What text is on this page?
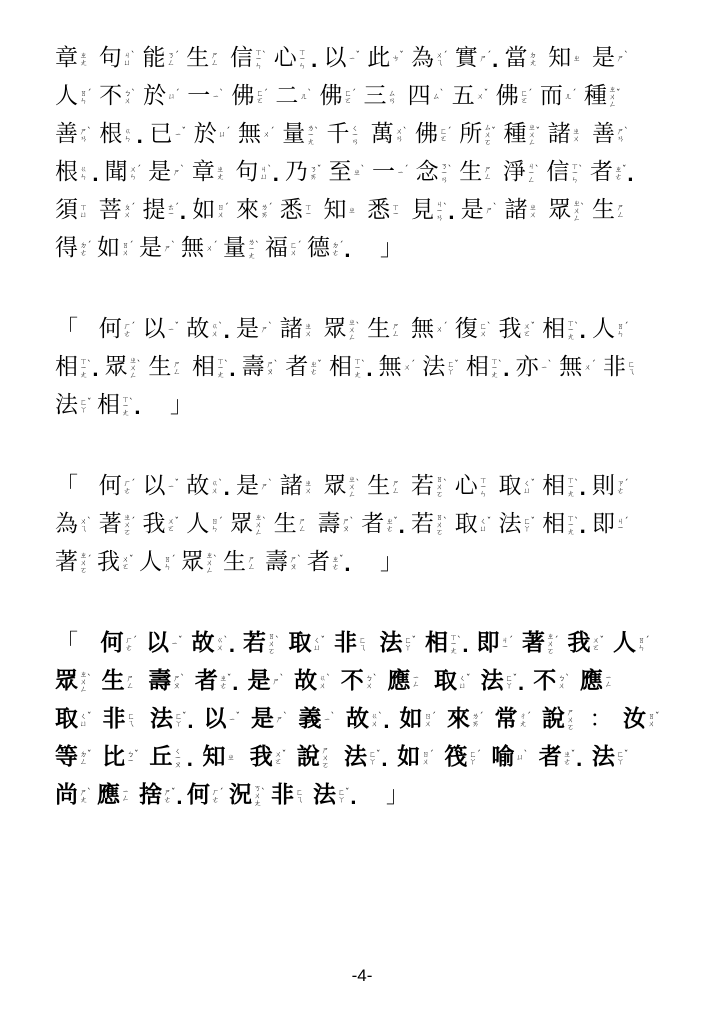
章 ㄓㄤ 句 ㄐㄩ ˋ 能 ㄋㄥ ˊ 生 ㄕㄥ 信 ㄒㄧㄣ ˋ 心 ㄒㄧㄣ . 以 ㄧ ˇ 此 ㄘ ˇ 為 ㄨㄟ ˊ 實 ㄕ ˊ . 當 ㄉㄤ 知 ㄓ 是 ㄕ ˋ
人 ㄖㄣ ˊ 不 ㄅㄨ ˋ 於 ㄩ ˊ 一 ㄧ ˋ 佛 ㄈㄛ ˊ 二 ㄦ ˋ 佛 ㄈㄛ ˊ 三 ㄙㄢ 四 ㄙ ˋ 五 ㄨ ˇ 佛 ㄈㄛ ˊ 而 ㄦ ˊ 種 ㄓㄨㄥ ˇ
善 ㄕㄢ ˋ 根 ㄍㄣ . 已 ㄧ ˇ 於 ㄩ ˊ 無 ㄨ ˊ 量 ㄌㄧㄤ ˋ 千 ㄑㄧㄢ 萬 ㄨㄢ ˋ 佛 ㄈㄛ ˊ 所 ㄙㄨㄛ ˇ 種 ㄓㄨㄥ ˇ 諸 ㄓㄨ 善 ㄕㄢ ˋ
根 ㄍㄣ . 聞 ㄨㄣ ˊ 是 ㄕ ˋ 章 ㄓㄤ 句 ㄐㄩ ˋ . 乃 ㄋㄞ ˇ 至 ㄓ ˋ 一 ㄧ ˊ 念 ㄋㄧㄢ ˋ 生 ㄕㄥ 淨 ㄐㄧㄥ ˋ 信 ㄒㄧㄣ ˋ 者 ㄓㄜ ˇ .
須 ㄒㄩ 菩 ㄆㄨ ˊ 提 ㄊㄧ ˊ . 如 ㄖㄨ ˊ 來 ㄌㄞ ˊ 悉 ㄒㄧ 知 ㄓ 悉 ㄒㄧ 見 ㄐㄧㄢ ˋ . 是 ㄕ ˋ 諸 ㄓㄨ 眾 ㄓㄨㄥ ˋ 生 ㄕㄥ
得 ㄉㄜ ˊ 如 ㄖㄨ ˊ 是 ㄕ ˋ 無 ㄨ ˊ 量 ㄌㄧㄤ ˋ 福 ㄈㄨ ˊ 德 ㄉㄜ ˊ . 」
「 何 ㄏㄜ ˊ 以 ㄧ ˇ 故 ㄍㄨ ˋ . 是 ㄕ ˋ 諸 ㄓㄨ 眾 ㄓㄨㄥ ˋ 生 ㄕㄥ 無 ㄨ ˊ 復 ㄈㄨ ˋ 我 ㄨㄛ ˇ 相 ㄒㄧㄤ ˋ . 人 ㄖㄣ ˊ
相 ㄒㄧㄤ ˋ . 眾 ㄓㄨㄥ ˋ 生 ㄕㄥ 相 ㄒㄧㄤ ˋ . 壽 ㄕㄡ ˋ 者 ㄓㄜ ˇ 相 ㄒㄧㄤ ˋ . 無 ㄨ ˊ 法 ㄈㄚ ˇ 相 ㄒㄧㄤ ˋ . 亦 ㄧ ˋ 無 ㄨ ˊ 非 ㄈㄟ
法 ㄈㄚ ˇ 相 ㄒㄧㄤ ˋ . 」
「 何 ㄏㄜ ˊ 以 ㄧ ˇ 故 ㄍㄨ ˋ . 是 ㄕ ˋ 諸 ㄓㄨ 眾 ㄓㄨㄥ ˋ 生 ㄕㄥ 若 ㄖㄨㄛ ˋ 心 ㄒㄧㄣ 取 ㄑㄩ ˇ 相 ㄒㄧㄤ ˋ . 則 ㄗㄜ ˊ
為 ㄨㄟ ˋ 著 ㄓㄨㄛ ˊ 我 ㄨㄛ ˇ 人 ㄖㄣ ˊ 眾 ㄓㄨㄥ ˋ 生 ㄕㄥ 壽 ㄕㄡ ˋ 者 ㄓㄜ ˇ . 若 ㄖㄨㄛ ˋ 取 ㄑㄩ ˇ 法 ㄈㄚ ˇ 相 ㄒㄧㄤ ˋ . 即 ㄐㄧ ˊ
著 ㄓㄨㄛ ˊ 我 ㄨㄛ ˇ 人 ㄖㄣ ˊ 眾 ㄓㄨㄥ ˋ 生 ㄕㄥ 壽 ㄕㄡ ˋ 者 ㄓㄜ ˇ . 」
「 何 ㄏㄜ ˊ 以 ㄧ ˇ 故 ㄍㄨ ˋ . 若 ㄖㄨㄛ ˋ 取 ㄑㄩ ˇ 非 ㄈㄟ 法 ㄈㄚ ˇ 相 ㄒㄧㄤ ˋ . 即 ㄐㄧ ˊ 著 ㄓㄨㄛ ˊ 我 ㄨㄛ ˇ 人 ㄖㄣ ˊ
眾 ㄓㄨㄥ ˋ 生 ㄕㄥ 壽 ㄕㄡ ˋ 者 ㄓㄜ ˇ . 是 ㄕ ˋ 故 ㄍㄨ ˋ 不 ㄅㄨ ˋ 應 ㄧㄥ 取 ㄑㄩ ˇ 法 ㄈㄚ ˇ . 不 ㄅㄨ ˋ 應 ㄧㄥ
取 ㄑㄩ ˇ 非 ㄈㄟ 法 ㄈㄚ ˇ . 以 ㄧ ˇ 是 ㄕ ˋ 義 ㄧ ˋ 故 ㄍㄨ ˋ . 如 ㄖㄨ ˊ 來 ㄌㄞ ˊ 常 ㄔㄤ ˊ 說 ㄕㄨㄛ ： 汝 ㄖㄨ ˇ
等 ㄉㄥ ˇ 比 ㄅㄧ ˇ 丘 ㄑㄧㄡ . 知 ㄓ 我 ㄨㄛ ˇ 說 ㄕㄨㄛ 法 ㄈㄚ ˇ . 如 ㄖㄨ ˊ 筏 ㄈㄚ ˊ 喻 ㄩ ˋ 者 ㄓㄜ ˇ . 法 ㄈㄚ ˇ
尚 ㄕㄤ ˋ 應 ㄧㄥ 捨 ㄕㄜ ˇ . 何 ㄏㄜ ˊ 況 ㄎㄨㄤ ˋ 非 ㄈㄟ 法 ㄈㄚ ˇ . 」
-4-
